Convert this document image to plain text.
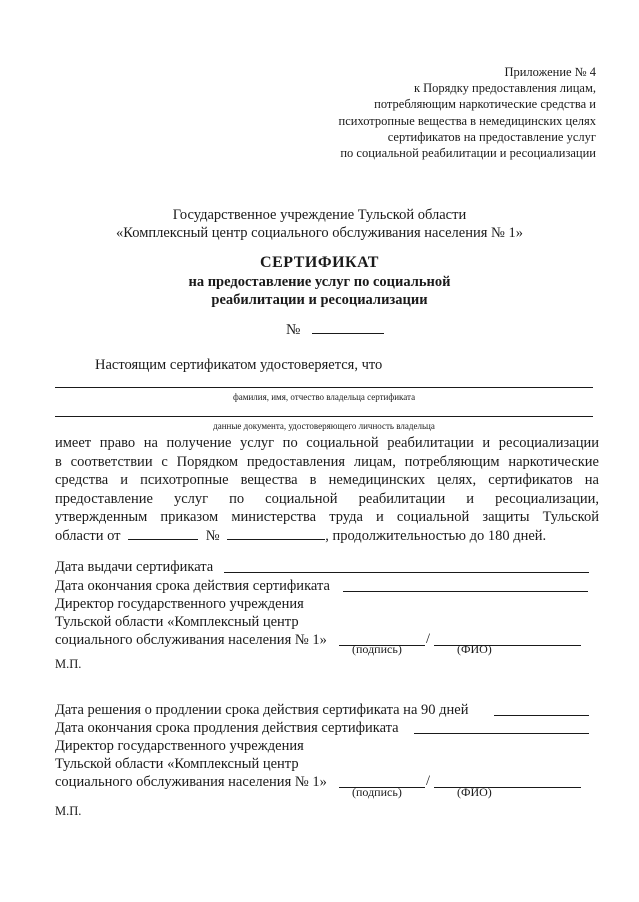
Приложение № 4
к Порядку предоставления лицам,
потребляющим наркотические средства и
психотропные вещества в немедицинских целях
сертификатов на предоставление услуг
по социальной реабилитации и ресоциализации
Государственное учреждение Тульской области
«Комплексный центр социального обслуживания населения № 1»
СЕРТИФИКАТ
на предоставление услуг по социальной
реабилитации и ресоциализации
№
Настоящим сертификатом удостоверяется, что
фамилия, имя, отчество владельца сертификата
данные документа, удостоверяющего личность владельца
имеет право на получение услуг по социальной реабилитации и ресоциализации
в соответствии с Порядком предоставления лицам, потребляющим наркотические
средства и психотропные вещества в немедицинских целях, сертификатов на
предоставление услуг по социальной реабилитации и ресоциализации,
утвержденным приказом министерства труда и социальной защиты Тульской
области от	№	, продолжительностью до 180 дней.
Дата выдачи сертификата
Дата окончания срока действия сертификата
Директор государственного учреждения
Тульской области «Комплексный центр
социального обслуживания населения № 1»	/
(подпись)	(ФИО)
М.П.
Дата решения о продлении срока действия сертификата на 90 дней
Дата окончания срока продления действия сертификата
Директор государственного учреждения
Тульской области «Комплексный центр
социального обслуживания населения № 1»	/
(подпись)	(ФИО)
М.П.
